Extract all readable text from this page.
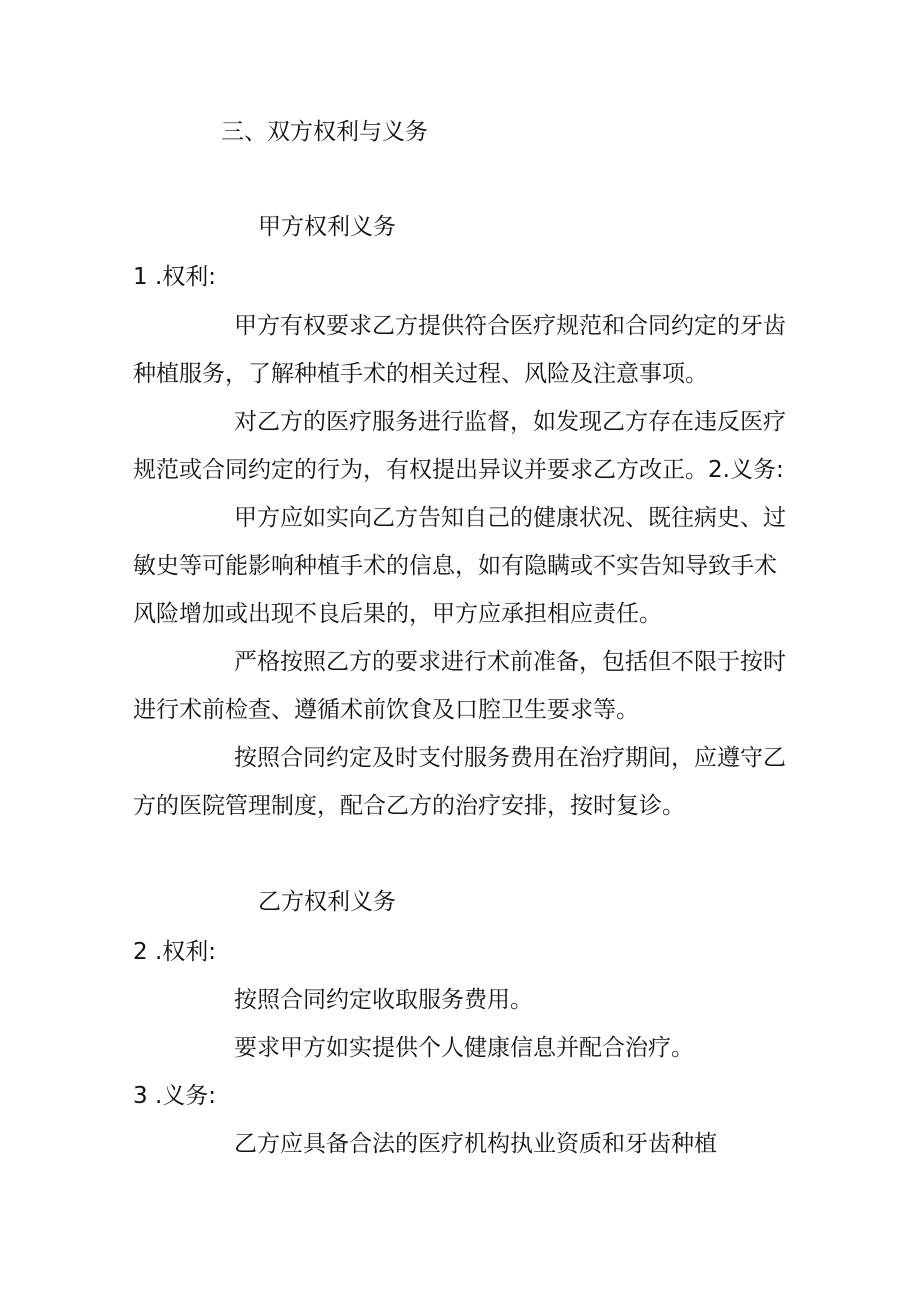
三、双方权利与义务
甲方权利义务
1 .权利:

甲方有权要求乙方提供符合医疗规范和合同约定的牙齿种植服务，了解种植手术的相关过程、风险及注意事项。

对乙方的医疗服务进行监督，如发现乙方存在违反医疗规范或合同约定的行为，有权提出异议并要求乙方改正。2.义务:

甲方应如实向乙方告知自己的健康状况、既往病史、过敏史等可能影响种植手术的信息，如有隐瞒或不实告知导致手术风险增加或出现不良后果的，甲方应承担相应责任。

严格按照乙方的要求进行术前准备，包括但不限于按时进行术前检查、遵循术前饮食及口腔卫生要求等。

按照合同约定及时支付服务费用在治疗期间，应遵守乙方的医院管理制度，配合乙方的治疗安排，按时复诊。

乙方权利义务
2 .权利:
按照合同约定收取服务费用。
要求甲方如实提供个人健康信息并配合治疗。
3 .义务:
乙方应具备合法的医疗机构执业资质和牙齿种植
